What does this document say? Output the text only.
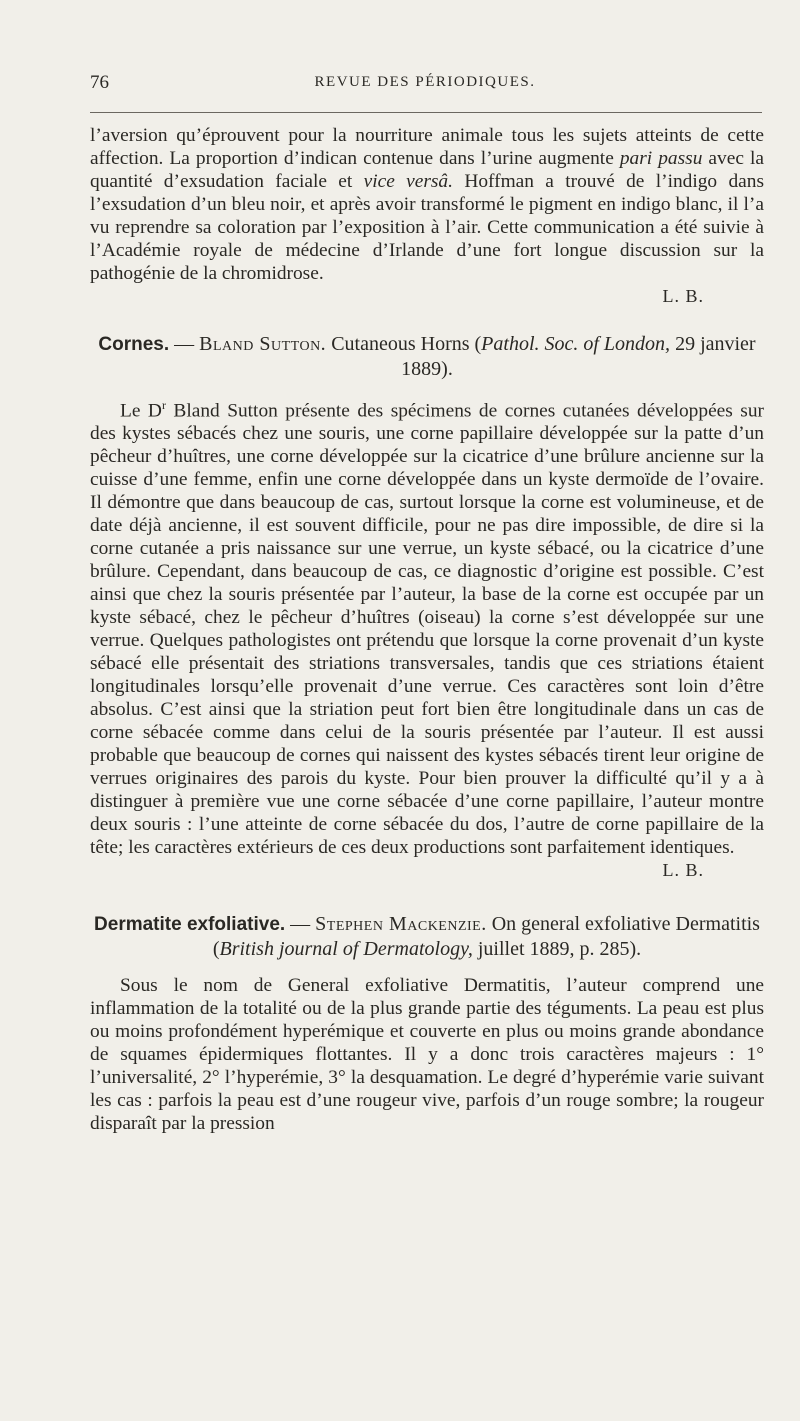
76	REVUE DES PÉRIODIQUES.

l’aversion qu’éprouvent pour la nourriture animale tous les sujets atteints de cette affection. La proportion d’indican contenue dans l’urine augmente pari passu avec la quantité d’exsudation faciale et vice versâ. Hoffman a trouvé de l’indigo dans l’exsudation d’un bleu noir, et après avoir transformé le pigment en indigo blanc, il l’a vu reprendre sa coloration par l’exposition à l’air. Cette communication a été suivie à l’Académie royale de médecine d’Irlande d’une fort longue discussion sur la pathogénie de la chromidrose.

L. B.

Cornes. — Bland Sutton. Cutaneous Horns (Pathol. Soc. of London, 29 janvier 1889).

Le $D^r$ Bland Sutton présente des spécimens de cornes cutanées développées sur des kystes sébacés chez une souris, une corne papillaire développée sur la patte d’un pêcheur d’huîtres, une corne développée sur la cicatrice d’une brûlure ancienne sur la cuisse d’une femme, enfin une corne développée dans un kyste dermoïde de l’ovaire. Il démontre que dans beaucoup de cas, surtout lorsque la corne est volumineuse, et de date déjà ancienne, il est souvent difficile, pour ne pas dire impossible, de dire si la corne cutanée a pris naissance sur une verrue, un kyste sébacé, ou la cicatrice d’une brûlure. Cependant, dans beaucoup de cas, ce diagnostic d’origine est possible. C’est ainsi que chez la souris présentée par l’auteur, la base de la corne est occupée par un kyste sébacé, chez le pêcheur d’huîtres (oiseau) la corne s’est développée sur une verrue. Quelques pathologistes ont prétendu que lorsque la corne provenait d’un kyste sébacé elle présentait des striations transversales, tandis que ces striations étaient longitudinales lorsqu’elle provenait d’une verrue. Ces caractères sont loin d’être absolus. C’est ainsi que la striation peut fort bien être longitudinale dans un cas de corne sébacée comme dans celui de la souris présentée par l’auteur. Il est aussi probable que beaucoup de cornes qui naissent des kystes sébacés tirent leur origine de verrues originaires des parois du kyste. Pour bien prouver la difficulté qu’il y a à distinguer à première vue une corne sébacée d’une corne papillaire, l’auteur montre deux souris : l’une atteinte de corne sébacée du dos, l’autre de corne papillaire de la tête; les caractères extérieurs de ces deux productions sont parfaitement identiques.

L. B.

Dermatite exfoliative. — Stephen Mackenzie. On general exfoliative Dermatitis (British journal of Dermatology, juillet 1889, p. 285).

Sous le nom de General exfoliative Dermatitis, l’auteur comprend une inflammation de la totalité ou de la plus grande partie des téguments. La peau est plus ou moins profondément hyperémique et couverte en plus ou moins grande abondance de squames épidermiques flottantes. Il y a donc trois caractères majeurs : 1° l’universalité, 2° l’hyperémie, 3° la desquamation. Le degré d’hyperémie varie suivant les cas : parfois la peau est d’une rougeur vive, parfois d’un rouge sombre; la rougeur disparaît par la pression
